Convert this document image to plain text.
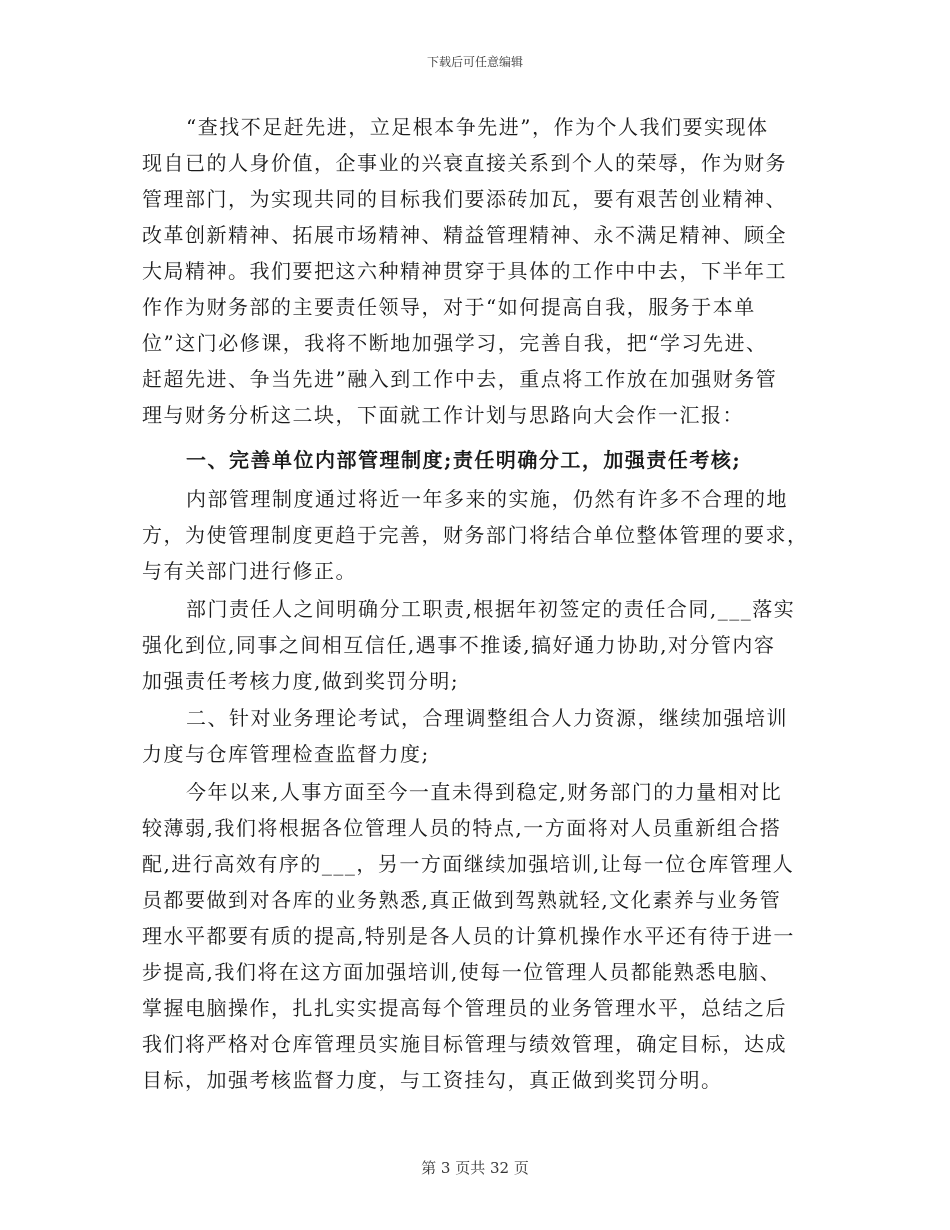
下载后可任意编辑
“查找不足赶先进，立足根本争先进”，作为个人我们要实现体
现自已的人身价值，企事业的兴衰直接关系到个人的荣辱，作为财务
管理部门，为实现共同的目标我们要添砖加瓦，要有艰苦创业精神、
改革创新精神、拓展市场精神、精益管理精神、永不满足精神、顾全
大局精神。我们要把这六种精神贯穿于具体的工作中中去，下半年工
作作为财务部的主要责任领导，对于“如何提高自我，服务于本单
位”这门必修课，我将不断地加强学习，完善自我，把“学习先进、
赶超先进、争当先进”融入到工作中去，重点将工作放在加强财务管
理与财务分析这二块，下面就工作计划与思路向大会作一汇报：
一、完善单位内部管理制度;责任明确分工，加强责任考核;
内部管理制度通过将近一年多来的实施，仍然有许多不合理的地
方，为使管理制度更趋于完善，财务部门将结合单位整体管理的要求，
与有关部门进行修正。
部门责任人之间明确分工职责,根据年初签定的责任合同,___落实
强化到位,同事之间相互信任,遇事不推诿,搞好通力协助,对分管内容
加强责任考核力度,做到奖罚分明;
二、针对业务理论考试，合理调整组合人力资源，继续加强培训
力度与仓库管理检查监督力度;
今年以来,人事方面至今一直未得到稳定,财务部门的力量相对比
较薄弱,我们将根据各位管理人员的特点,一方面将对人员重新组合搭
配,进行高效有序的___，另一方面继续加强培训,让每一位仓库管理人
员都要做到对各库的业务熟悉,真正做到驾熟就轻,文化素养与业务管
理水平都要有质的提高,特别是各人员的计算机操作水平还有待于进一
步提高,我们将在这方面加强培训,使每一位管理人员都能熟悉电脑、
掌握电脑操作，扎扎实实提高每个管理员的业务管理水平，总结之后
我们将严格对仓库管理员实施目标管理与绩效管理，确定目标，达成
目标，加强考核监督力度，与工资挂勾，真正做到奖罚分明。
第 3 页共 32 页
